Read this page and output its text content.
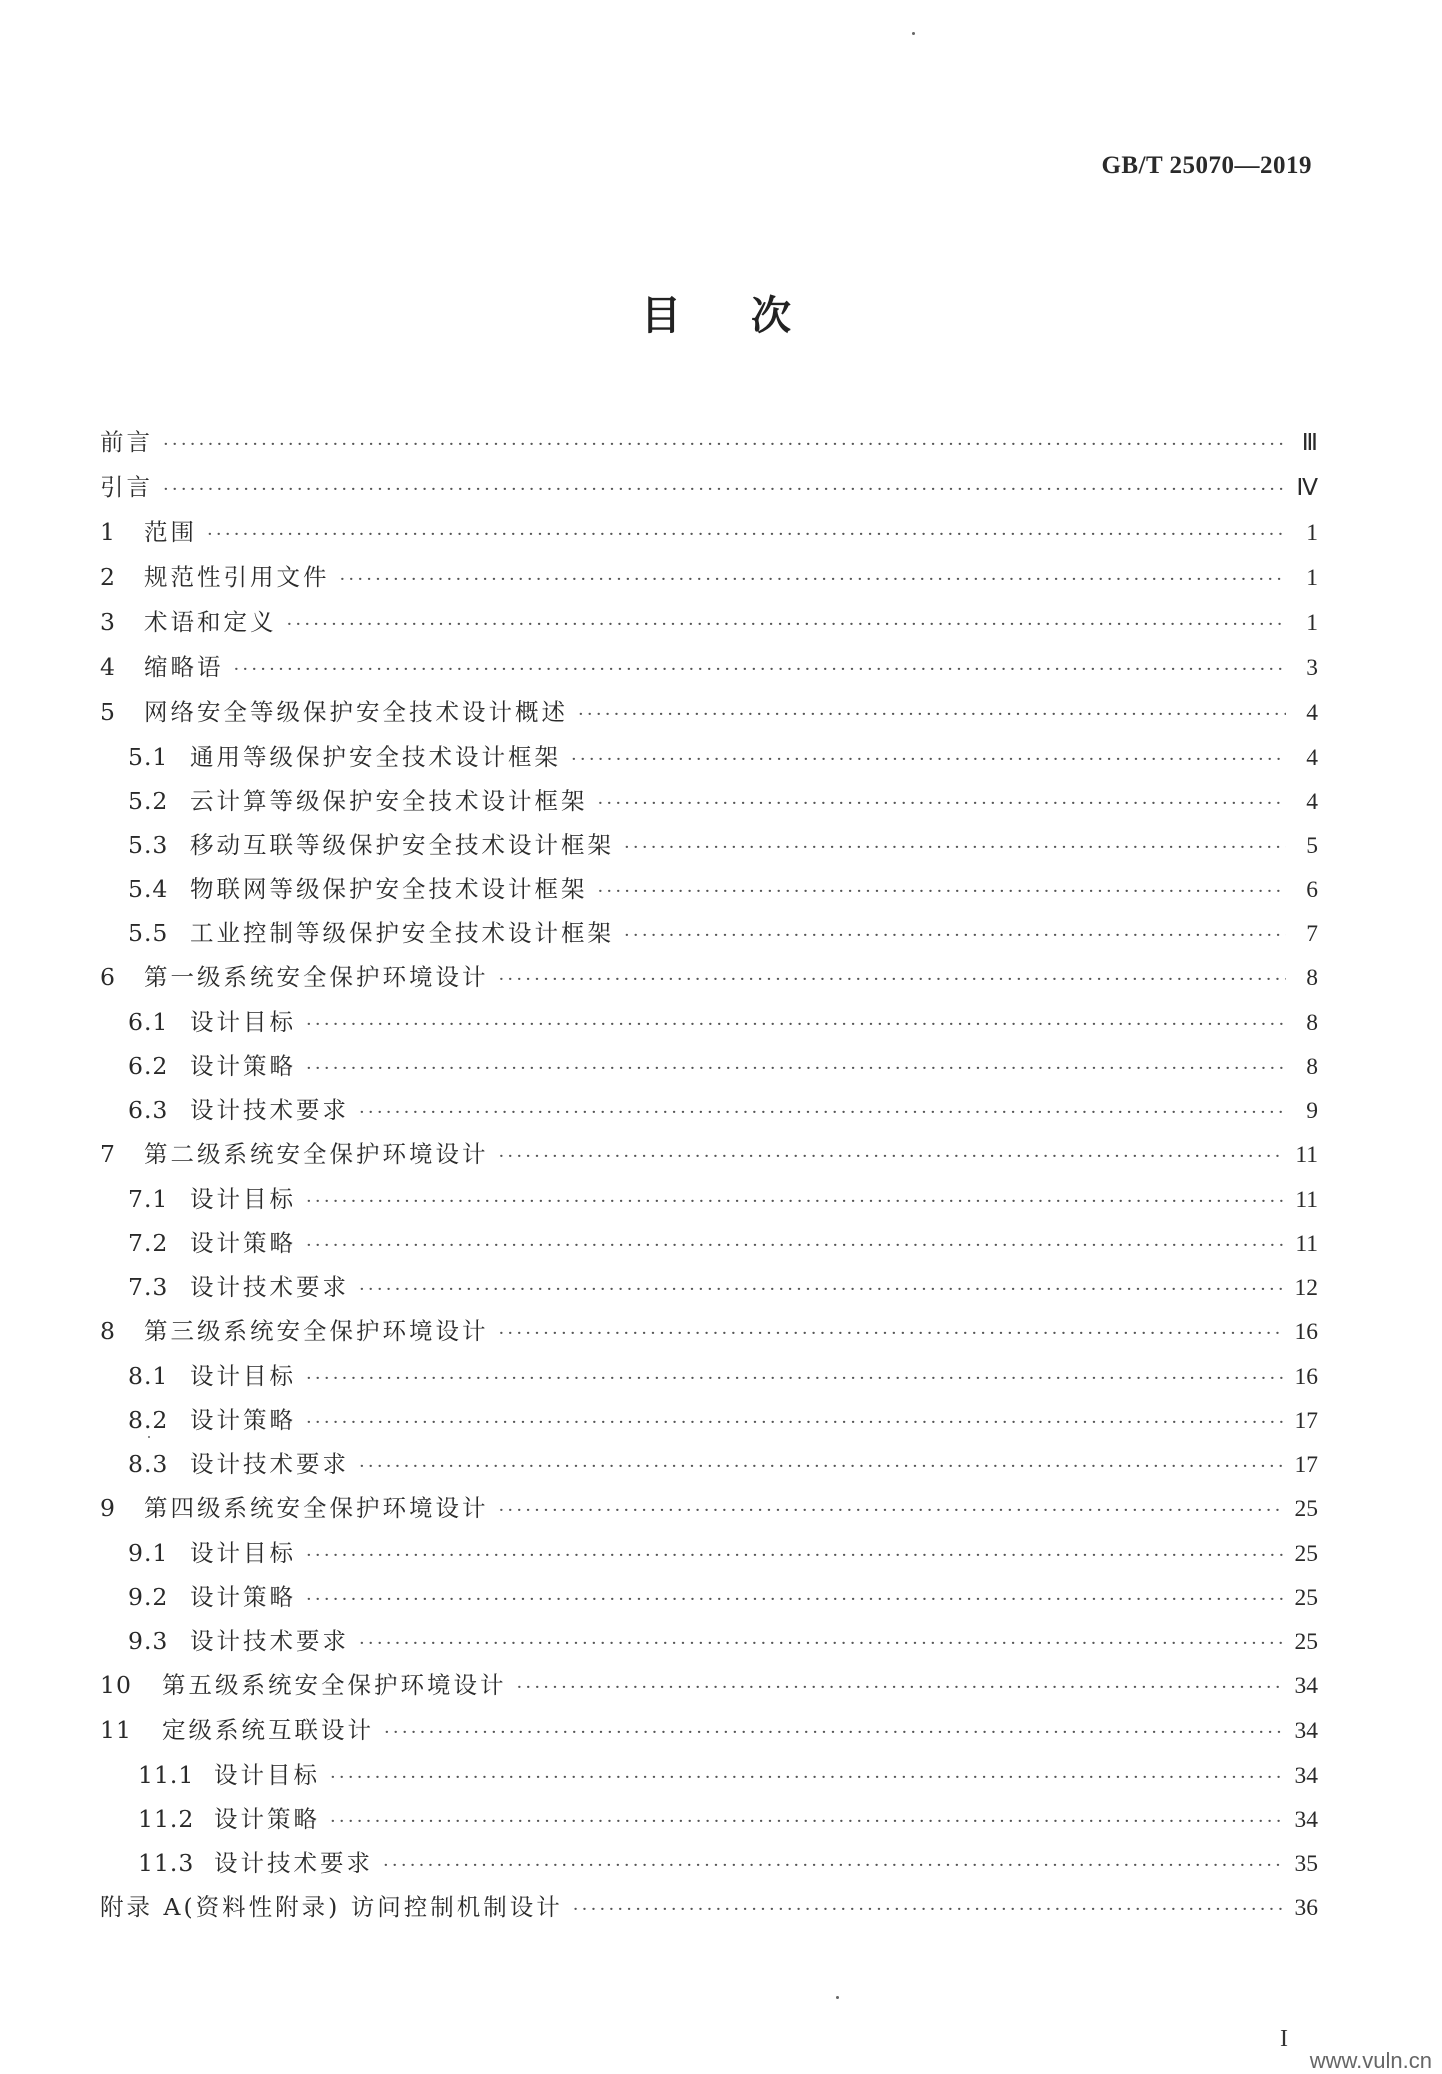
GB/T 25070—2019
目次
前言 ·····	Ⅲ
引言 ·····	Ⅳ
1	范围 ·····	1
2	规范性引用文件 ·····	1
3	术语和定义 ·····	1
4	缩略语 ·····	3
5	网络安全等级保护安全技术设计概述 ·····	4
5.1 通用等级保护安全技术设计框架 ·····	4
5.2 云计算等级保护安全技术设计框架 ·····	4
5.3 移动互联等级保护安全技术设计框架 ·····	5
5.4 物联网等级保护安全技术设计框架 ·····	6
5.5 工业控制等级保护安全技术设计框架 ·····	7
6	第一级系统安全保护环境设计 ·····	8
6.1 设计目标 ·····	8
6.2 设计策略 ·····	8
6.3 设计技术要求 ·····	9
7	第二级系统安全保护环境设计 ·····	11
7.1 设计目标 ·····	11
7.2 设计策略 ·····	11
7.3 设计技术要求 ·····	12
8	第三级系统安全保护环境设计 ·····	16
8.1 设计目标 ·····	16
8.2 设计策略 ·····	17
8.3 设计技术要求 ·····	17
9	第四级系统安全保护环境设计 ·····	25
9.1 设计目标 ·····	25
9.2 设计策略 ·····	25
9.3 设计技术要求 ·····	25
10	第五级系统安全保护环境设计 ·····	34
11	定级系统互联设计 ·····	34
11.1 设计目标 ·····	34
11.2 设计策略 ·····	34
11.3 设计技术要求 ·····	35
附录 A (资料性附录) 访问控制机制设计 ·····	36
I
www.vuln.cn
